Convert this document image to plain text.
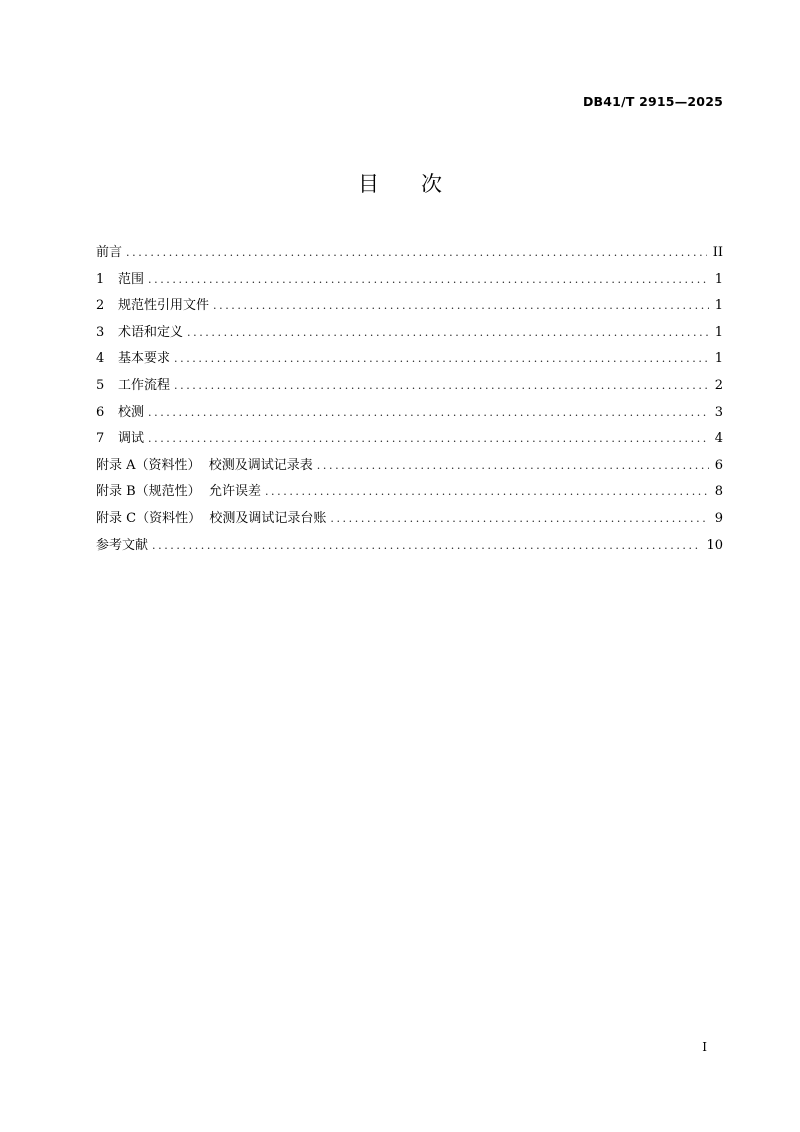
DB41/T 2915—2025
目 次
前言 .....	II
1	范围 .....	1
2	规范性引用文件 .....	1
3	术语和定义 .....	1
4	基本要求 .....	1
5	工作流程 .....	2
6	校测 .....	3
7	调试 .....	4
附录 A（资料性）  校测及调试记录表 .....	6
附录 B（规范性）  允许误差 .....	8
附录 C（资料性）  校测及调试记录台账 .....	9
参考文献 .....	10
I
